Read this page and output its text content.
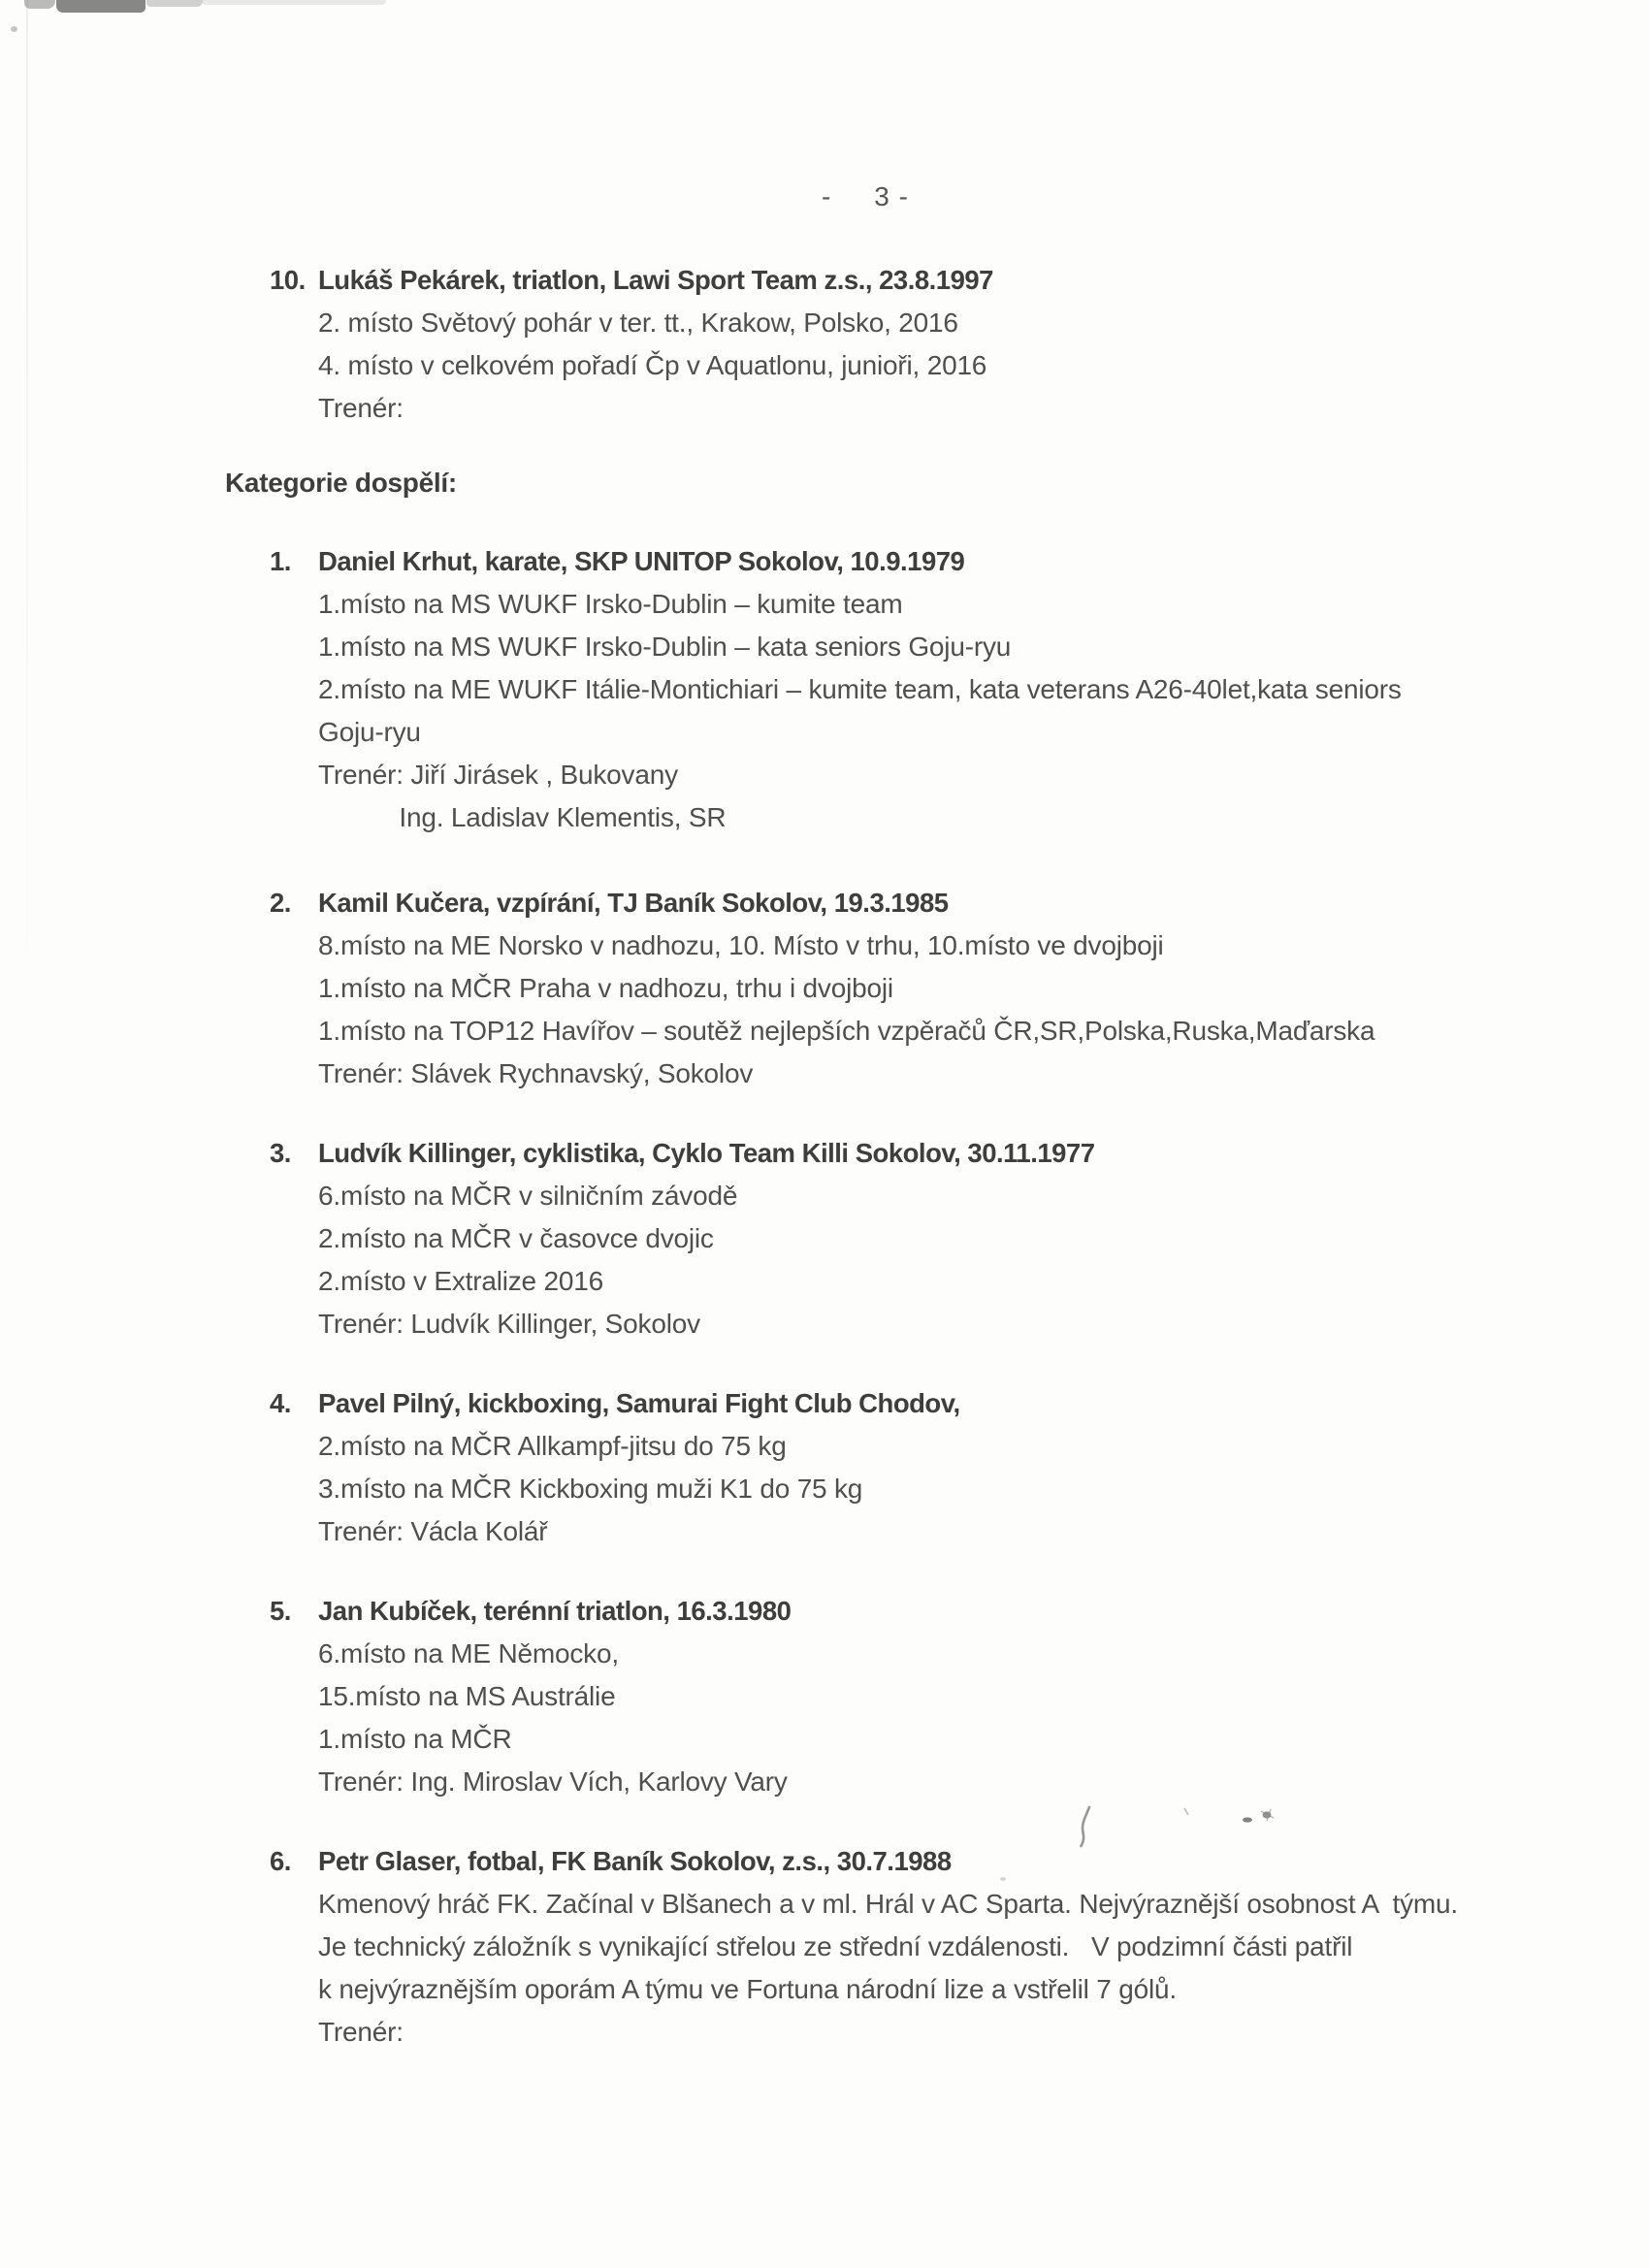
-     3 -
10. Lukáš Pekárek, triatlon, Lawi Sport Team z.s., 23.8.1997
2. místo Světový pohár v ter. tt., Krakow, Polsko, 2016
4. místo v celkovém pořadí Čp v Aquatlonu, junioři, 2016
Trenér:
Kategorie dospělí:
1.	Daniel Krhut, karate, SKP UNITOP Sokolov, 10.9.1979
1.místo na MS WUKF Irsko-Dublin – kumite team
1.místo na MS WUKF Irsko-Dublin – kata seniors Goju-ryu
2.místo na ME WUKF Itálie-Montichiari – kumite team, kata veterans A26-40let,kata seniors
Goju-ryu
Trenér: Jiří Jirásek , Bukovany
Ing. Ladislav Klementis, SR
2.	Kamil Kučera, vzpírání, TJ Baník Sokolov, 19.3.1985
8.místo na ME Norsko v nadhozu, 10. Místo v trhu, 10.místo ve dvojboji
1.místo na MČR Praha v nadhozu, trhu i dvojboji
1.místo na TOP12 Havířov – soutěž nejlepších vzpěračů ČR,SR,Polska,Ruska,Maďarska
Trenér: Slávek Rychnavský, Sokolov
3.	Ludvík Killinger, cyklistika, Cyklo Team Killi Sokolov, 30.11.1977
6.místo na MČR v silničním závodě
2.místo na MČR v časovce dvojic
2.místo v Extralize 2016
Trenér: Ludvík Killinger, Sokolov
4.	Pavel Pilný, kickboxing, Samurai Fight Club Chodov,
2.místo na MČR Allkampf-jitsu do 75 kg
3.místo na MČR Kickboxing muži K1 do 75 kg
Trenér: Václa Kolář
5.	Jan Kubíček, terénní triatlon, 16.3.1980
6.místo na ME Němocko,
15.místo na MS Austrálie
1.místo na MČR
Trenér: Ing. Miroslav Vích, Karlovy Vary
6.	Petr Glaser, fotbal, FK Baník Sokolov, z.s., 30.7.1988
Kmenový hráč FK. Začínal v Blšanech a v ml. Hrál v AC Sparta. Nejvýraznější osobnost A  týmu.
Je technický záložník s vynikající střelou ze střední vzdálenosti.   V podzimní části patřil
k nejvýraznějším oporám A týmu ve Fortuna národní lize a vstřelil 7 gólů.
Trenér:
